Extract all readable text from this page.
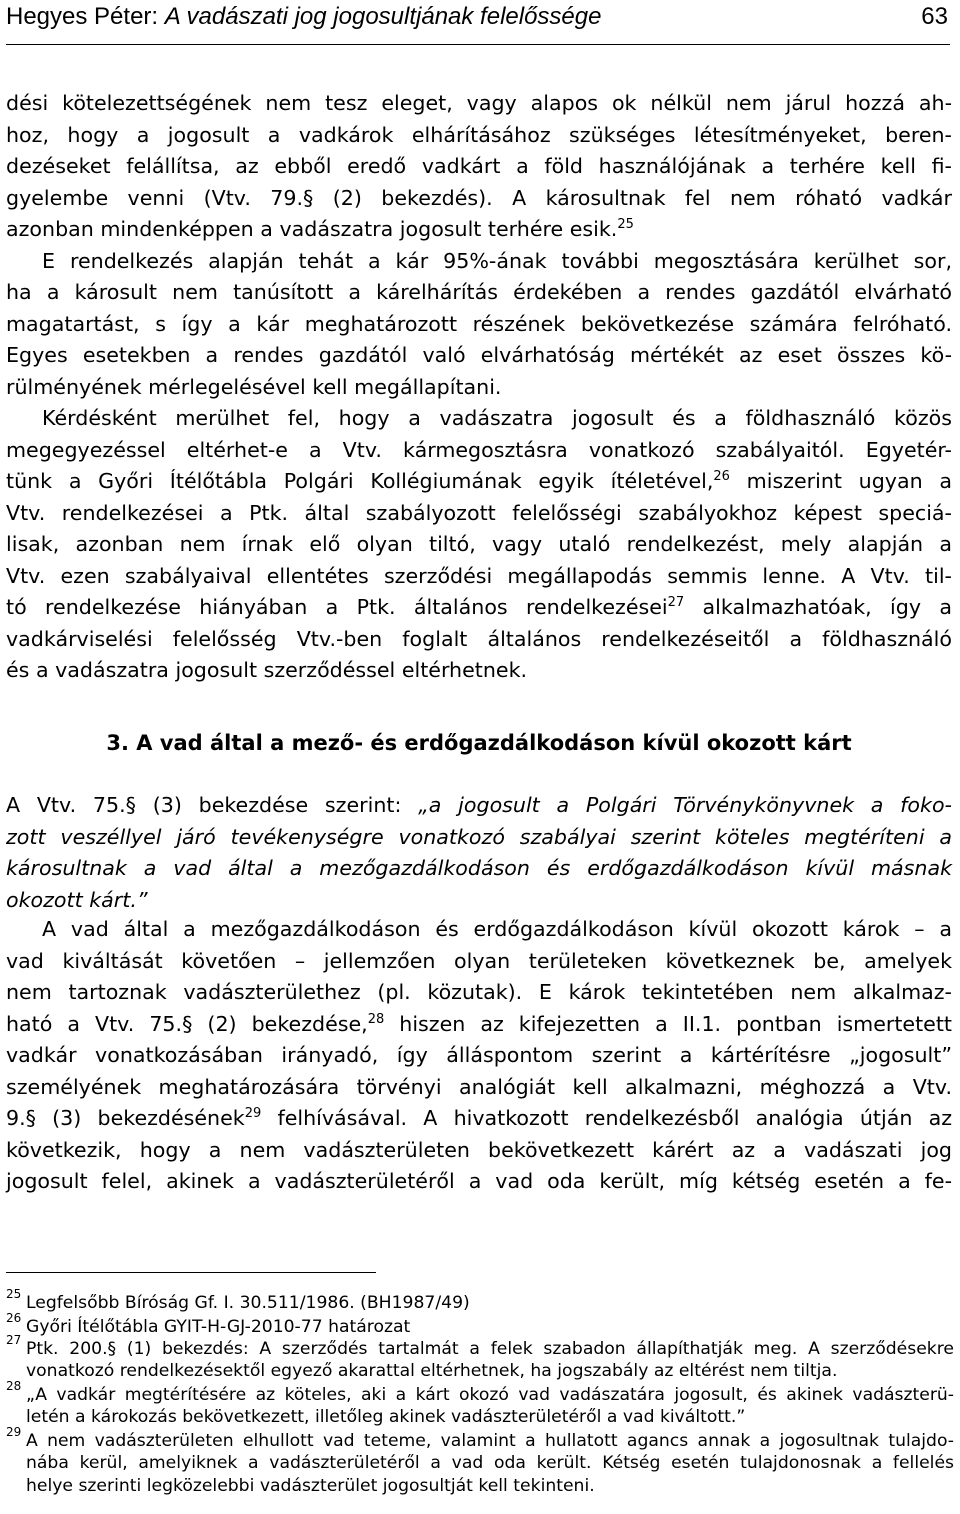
Hegyes Péter: A vadászati jog jogosultjának felelőssége	63
dési kötelezettségének nem tesz eleget, vagy alapos ok nélkül nem járul hozzá ah-
hoz, hogy a jogosult a vadkárok elhárításához szükséges létesítményeket, beren-
dezéseket felállítsa, az ebből eredő vadkárt a föld használójának a terhére kell fi-
gyelembe venni (Vtv. 79.§ (2) bekezdés). A károsultnak fel nem róható vadkár
azonban mindenképpen a vadászatra jogosult terhére esik.$^{25}$
E rendelkezés alapján tehát a kár 95%-ának további megosztására kerülhet sor,
ha a károsult nem tanúsított a kárelhárítás érdekében a rendes gazdától elvárható
magatartást, s így a kár meghatározott részének bekövetkezése számára felróható.
Egyes esetekben a rendes gazdától való elvárhatóság mértékét az eset összes kö-
rülményének mérlegelésével kell megállapítani.
Kérdésként merülhet fel, hogy a vadászatra jogosult és a földhasználó közös
megegyezéssel eltérhet-e a Vtv. kármegosztásra vonatkozó szabályaitól. Egyetér-
tünk a Győri Ítélőtábla Polgári Kollégiumának egyik ítéletével,$^{26}$ miszerint ugyan a
Vtv. rendelkezései a Ptk. által szabályozott felelősségi szabályokhoz képest speciá-
lisak, azonban nem írnak elő olyan tiltó, vagy utaló rendelkezést, mely alapján a
Vtv. ezen szabályaival ellentétes szerződési megállapodás semmis lenne. A Vtv. til-
tó rendelkezése hiányában a Ptk. általános rendelkezései$^{27}$ alkalmazhatóak, így a
vadkárviselési felelősség Vtv.-ben foglalt általános rendelkezéseitől a földhasználó
és a vadászatra jogosult szerződéssel eltérhetnek.
3. A vad által a mező- és erdőgazdálkodáson kívül okozott kárt
A Vtv. 75.§ (3) bekezdése szerint: „a jogosult a Polgári Törvénykönyvnek a foko-
zott veszéllyel járó tevékenységre vonatkozó szabályai szerint köteles megtéríteni a
károsultnak a vad által a mezőgazdálkodáson és erdőgazdálkodáson kívül másnak
okozott kárt.”
A vad által a mezőgazdálkodáson és erdőgazdálkodáson kívül okozott károk – a
vad kiváltását követően – jellemzően olyan területeken következnek be, amelyek
nem tartoznak vadászterülethez (pl. közutak). E károk tekintetében nem alkalmaz-
ható a Vtv. 75.§ (2) bekezdése,$^{28}$ hiszen az kifejezetten a II.1. pontban ismertetett
vadkár vonatkozásában irányadó, így álláspontom szerint a kártérítésre „jogosult”
személyének meghatározására törvényi analógiát kell alkalmazni, méghozzá a Vtv.
9.§ (3) bekezdésének$^{29}$ felhívásával. A hivatkozott rendelkezésből analógia útján az
következik, hogy a nem vadászterületen bekövetkezett kárért az a vadászati jog
jogosult felel, akinek a vadászterületéről a vad oda került, míg kétség esetén a fe-
25 Legfelsőbb Bíróság Gf. I. 30.511/1986. (BH1987/49)
26 Győri Ítélőtábla GYIT-H-GJ-2010-77 határozat
27 Ptk. 200.§ (1) bekezdés: A szerződés tartalmát a felek szabadon állapíthatják meg. A szerződésekre
vonatkozó rendelkezésektől egyező akarattal eltérhetnek, ha jogszabály az eltérést nem tiltja.
28 „A vadkár megtérítésére az köteles, aki a kárt okozó vad vadászatára jogosult, és akinek vadászterü-
letén a károkozás bekövetkezett, illetőleg akinek vadászterületéről a vad kiváltott.”
29 A nem vadászterületen elhullott vad teteme, valamint a hullatott agancs annak a jogosultnak tulajdo-
nába kerül, amelyiknek a vadászterületéről a vad oda került. Kétség esetén tulajdonosnak a fellelés
helye szerinti legközelebbi vadászterület jogosultját kell tekinteni.
